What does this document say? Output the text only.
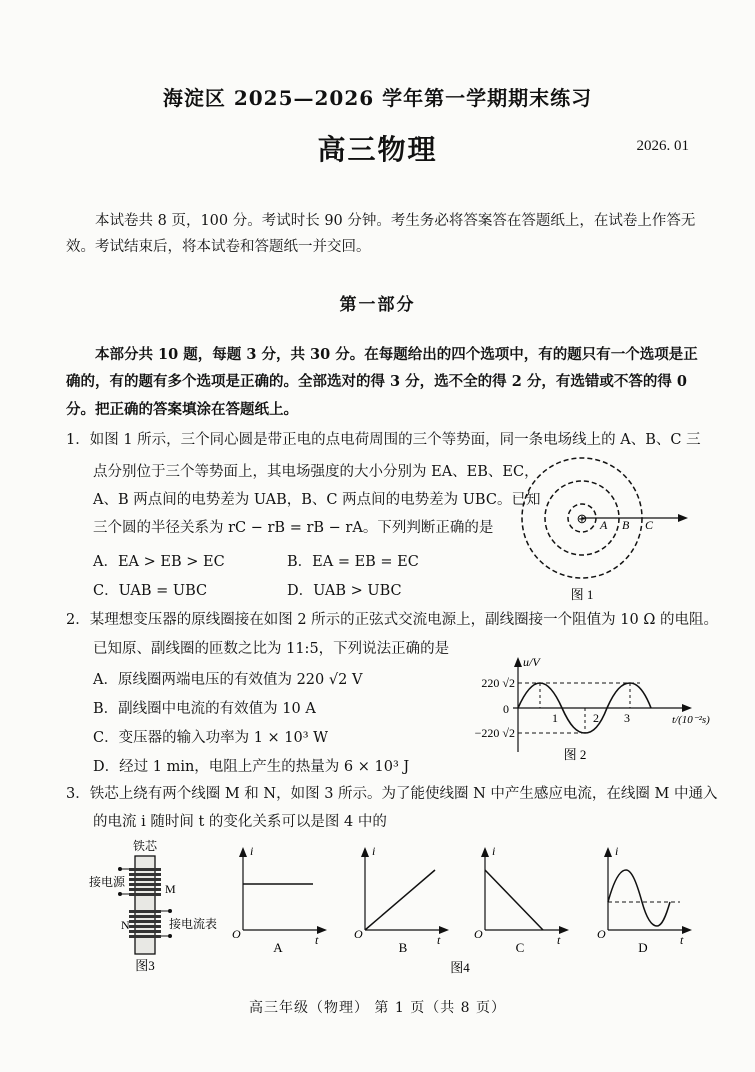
海淀区 2025—2026 学年第一学期期末练习
高三物理	2026. 01
本试卷共 8 页，100 分。考试时长 90 分钟。考生务必将答案答在答题纸上，在试卷上作答无
效。考试结束后，将本试卷和答题纸一并交回。
第一部分
本部分共 10 题，每题 3 分，共 30 分。在每题给出的四个选项中，有的题只有一个选项是正
确的，有的题有多个选项是正确的。全部选对的得 3 分，选不全的得 2 分，有选错或不答的得 0
分。把正确的答案填涂在答题纸上。
1．如图 1 所示，三个同心圆是带正电的点电荷周围的三个等势面，同一条电场线上的 A、B、C 三
点分别位于三个等势面上，其电场强度的大小分别为 EA、EB、EC，
A、B 两点间的电势差为 UAB，B、C 两点间的电势差为 UBC。已知
三个圆的半径关系为 rC − rB = rB − rA。下列判断正确的是
A．EA > EB > EC	B．EA = EB = EC
C．UAB = UBC	D．UAB > UBC
⊕ A B C
图 1
2．某理想变压器的原线圈接在如图 2 所示的正弦式交流电源上，副线圈接一个阻值为 10 Ω 的电阻。
已知原、副线圈的匝数之比为 11:5，下列说法正确的是
A．原线圈两端电压的有效值为 220 √2 V
B．副线圈中电流的有效值为 10 A
C．变压器的输入功率为 1 × 10³ W
D．经过 1 min，电阻上产生的热量为 6 × 10³ J
220 √2
−220 √2
0
u/V
t/(10⁻²s)
1	2 3
图 2
3．铁芯上绕有两个线圈 M 和 N，如图 3 所示。为了能使线圈 N 中产生感应电流，在线圈 M 中通入
的电流 i 随时间 t 的变化关系可以是图 4 中的
铁芯
接电源	M
N	接电流表
图3
i
t
O
A
i
t
O
B
i
t
O
C
i
t
O
D
图4
高三年级（物理） 第 1 页（共 8 页）
